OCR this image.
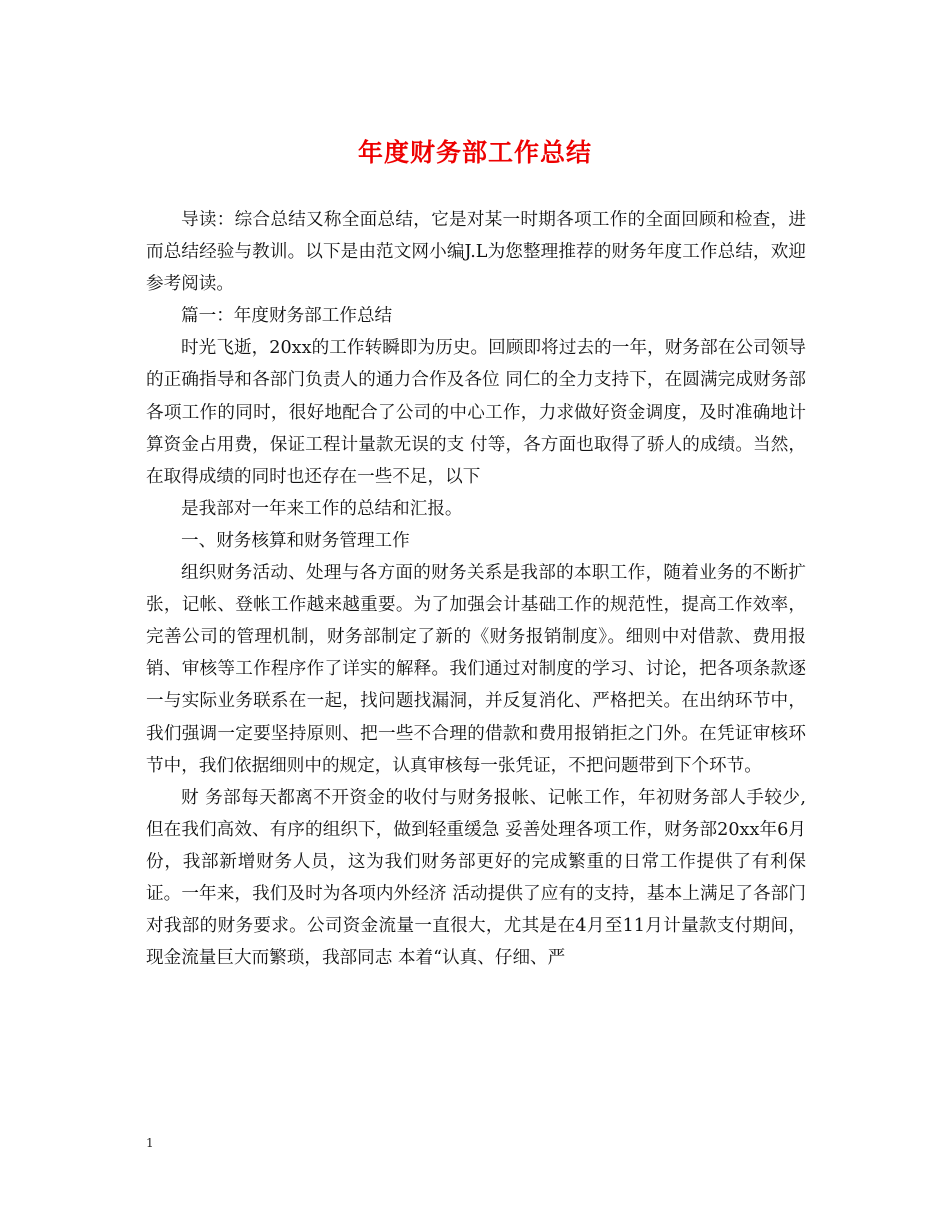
年度财务部工作总结

导读：综合总结又称全面总结，它是对某一时期各项工作的全面回顾和检查，进而总结经验与教训。以下是由范文网小编J.L为您整理推荐的财务年度工作总结，欢迎参考阅读。

篇一：年度财务部工作总结

时光飞逝，20xx的工作转瞬即为历史。回顾即将过去的一年，财务部在公司领导的正确指导和各部门负责人的通力合作及各位 同仁的全力支持下，在圆满完成财务部各项工作的同时，很好地配合了公司的中心工作，力求做好资金调度，及时准确地计算资金占用费，保证工程计量款无误的支 付等，各方面也取得了骄人的成绩。当然，在取得成绩的同时也还存在一些不足，以下

是我部对一年来工作的总结和汇报。

一、财务核算和财务管理工作

组织财务活动、处理与各方面的财务关系是我部的本职工作，随着业务的不断扩张，记帐、登帐工作越来越重要。为了加强会计基础工作的规范性，提高工作效率，完善公司的管理机制，财务部制定了新的《财务报销制度》。细则中对借款、费用报销、审核等工作程序作了详实的解释。我们通过对制度的学习、讨论，把各项条款逐一与实际业务联系在一起，找问题找漏洞，并反复消化、严格把关。在出纳环节中，我们强调一定要坚持原则、把一些不合理的借款和费用报销拒之门外。在凭证审核环节中，我们依据细则中的规定，认真审核每一张凭证，不把问题带到下个环节。

财 务部每天都离不开资金的收付与财务报帐、记帐工作，年初财务部人手较少,但在我们高效、有序的组织下，做到轻重缓急 妥善处理各项工作，财务部20xx年6月份，我部新增财务人员，这为我们财务部更好的完成繁重的日常工作提供了有利保证。一年来，我们及时为各项内外经济 活动提供了应有的支持，基本上满足了各部门对我部的财务要求。公司资金流量一直很大，尤其是在4月至11月计量款支付期间，现金流量巨大而繁琐，我部同志 本着“认真、仔细、严

1
